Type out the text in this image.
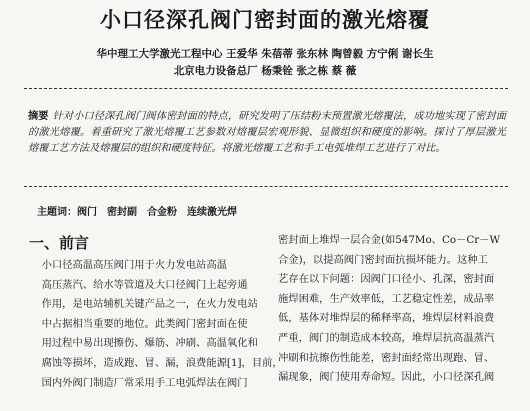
小口径深孔阀门密封面的激光熔覆
华中理工大学激光工程中心 王爱华 朱蓓蒂 张东林 陶曾毅 方宁俐 谢长生
北京电力设备总厂 杨秉铨 张之栋 蔡 薇
摘要 针对小口径深孔阀门阀体密封面的特点，研究发明了压结粉末预置激光熔覆法，成功地实现了密封面的激光熔覆。着重研究了激光熔覆工艺参数对熔覆层宏观形貌、显微组织和硬度的影响。探讨了厚层激光熔覆工艺方法及熔覆层的组织和硬度特征。将激光熔覆工艺和手工电弧堆焊工艺进行了对比。
主题词：阀门 密封副 合金粉 连续激光焊
一、前言

小口径高温高压阀门用于火力发电站高温
高压蒸汽、给水等管道及大口径阀门上起旁通
作用，是电站辅机关键产品之一，在火力发电站
中占据相当重要的地位。此类阀门密封面在使
用过程中易出现擦伤、爆筋、冲刷、高温氧化和
腐蚀等损坏，造成跑、冒、漏，浪费能源[1]，目前，
国内外阀门制造厂常采用手工电弧焊法在阀门

密封面上堆焊一层合金(如547Mo、Co－Cr－W
合金)，以提高阀门密封面抗损坏能力。这种工
艺存在以下问题：因阀门口径小、孔深，密封面
施焊困难，生产效率低，工艺稳定性差，成品率
低，基体对堆焊层的稀释率高，堆焊层材料浪费
严重，阀门的制造成本较高，堆焊层抗高温蒸汽
冲刷和抗擦伤性能差，密封面经常出现跑、冒、
漏现象，阀门使用寿命短。因此，小口径深孔阀
